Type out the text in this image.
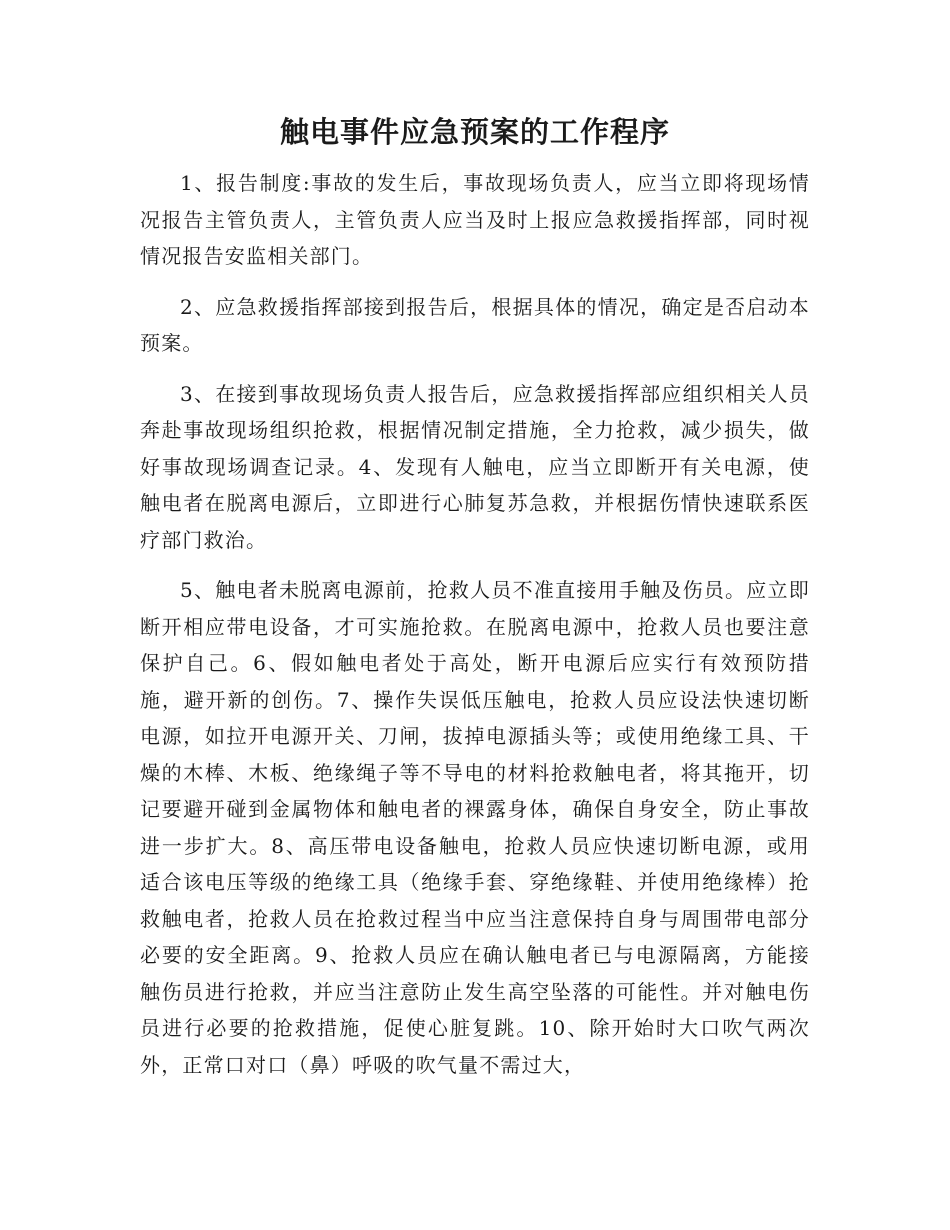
触电事件应急预案的工作程序

1、报告制度:事故的发生后，事故现场负责人，应当立即将现场情况报告主管负责人，主管负责人应当及时上报应急救援指挥部，同时视情况报告安监相关部门。

2、应急救援指挥部接到报告后，根据具体的情况，确定是否启动本预案。

3、在接到事故现场负责人报告后，应急救援指挥部应组织相关人员奔赴事故现场组织抢救，根据情况制定措施，全力抢救，减少损失，做好事故现场调查记录。4、发现有人触电，应当立即断开有关电源，使触电者在脱离电源后，立即进行心肺复苏急救，并根据伤情快速联系医疗部门救治。

5、触电者未脱离电源前，抢救人员不准直接用手触及伤员。应立即断开相应带电设备，才可实施抢救。在脱离电源中，抢救人员也要注意保护自己。6、假如触电者处于高处，断开电源后应实行有效预防措施，避开新的创伤。7、操作失误低压触电，抢救人员应设法快速切断电源，如拉开电源开关、刀闸，拔掉电源插头等；或使用绝缘工具、干燥的木棒、木板、绝缘绳子等不导电的材料抢救触电者，将其拖开，切记要避开碰到金属物体和触电者的裸露身体，确保自身安全，防止事故进一步扩大。8、高压带电设备触电，抢救人员应快速切断电源，或用适合该电压等级的绝缘工具（绝缘手套、穿绝缘鞋、并使用绝缘棒）抢救触电者，抢救人员在抢救过程当中应当注意保持自身与周围带电部分必要的安全距离。9、抢救人员应在确认触电者已与电源隔离，方能接触伤员进行抢救，并应当注意防止发生高空坠落的可能性。并对触电伤员进行必要的抢救措施，促使心脏复跳。10、除开始时大口吹气两次外，正常口对口（鼻）呼吸的吹气量不需过大，
